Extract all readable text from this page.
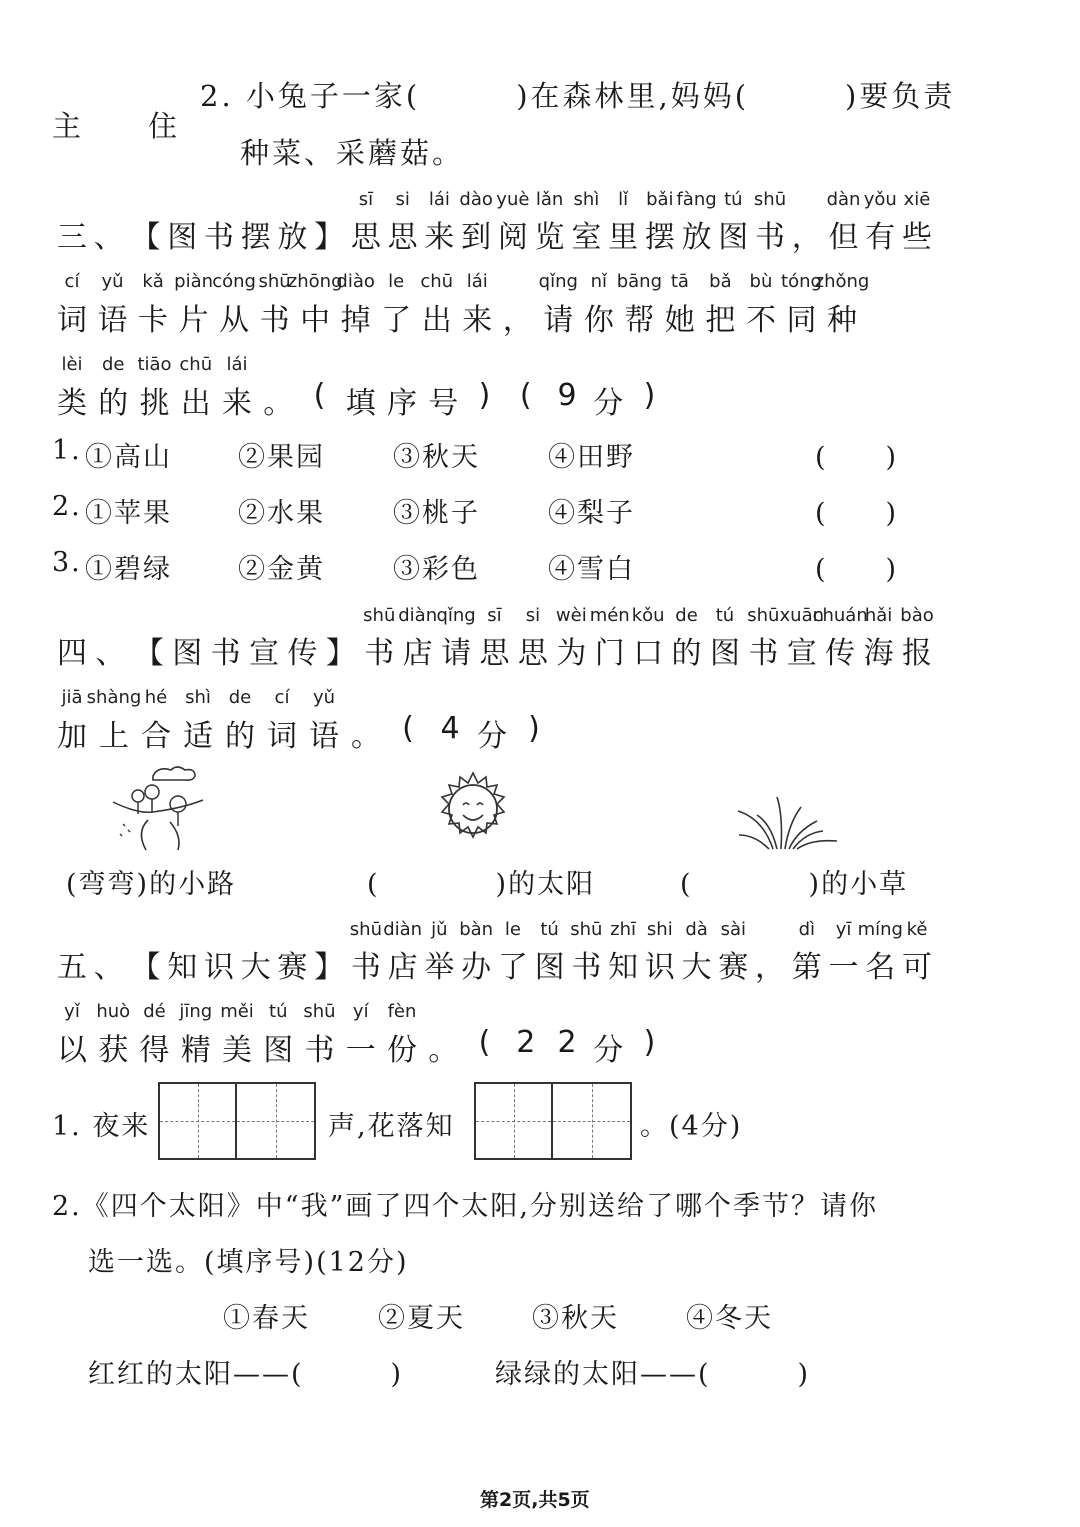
2. 小兔子一家(　　　)在森林里,妈妈(　　　)要负责
主 住
种菜、采蘑菇。
sī si lái dào yuè lǎn shì lǐ bǎi fàng tú shū dàn yǒu xiē
三 、 【 图 书 摆 放 】 思 思 来 到 阅 览 室 里 摆 放 图 书 ， 但 有 些
cí yǔ kǎ piàn cóng shū
zhōng
diào le chū lái	qǐng nǐ bāng tā bǎ bù tóng
zhǒng
词 语 卡 片 从 书 中 掉 了 出 来 ， 请 你 帮 她 把 不 同 种
lèi de tiāo chū lái
类 的 挑 出 来 。 ( 填 序 号 ) ( 9 分 )
1. ①高山 ②果园	③秋天	④田野	(　　)
2. ①苹果 ②水果	③桃子	④梨子	(　　)
3. ①碧绿 ②金黄	③彩色	④雪白	(　　)
shū diàn qǐng sī si wèi mén kǒu de tú shū xuān
chuán
hǎi bào
四 、 【 图 书 宣 传 】 书 店 请 思 思 为 门 口 的 图 书 宣 传 海 报
jiā shàng hé shì de cí yǔ
加 上 合 适 的 词 语 。 ( 4 分 )
(弯弯)的小路	(　　　　)的太阳	(　　　　)的小草
shū diàn jǔ bàn le tú shū zhī shi dà sài	dì yī míng kě
五 、 【 知 识 大 赛 】 书 店 举 办 了 图 书 知 识 大 赛 ， 第 一 名 可
yǐ huò dé jīng měi tú shū yí fèn
以 获 得 精 美 图 书 一 份 。 ( 2 2 分 )
1. 夜来	声,花落知	。(4分)
2.《四个太阳》中“我”画了四个太阳,分别送给了哪个季节？请你
选一选。(填序号)(12分)
①春天	②夏天 ③秋天 ④冬天
红红的太阳——(　　　)	绿绿的太阳——(　　　)
第2页,共5页
